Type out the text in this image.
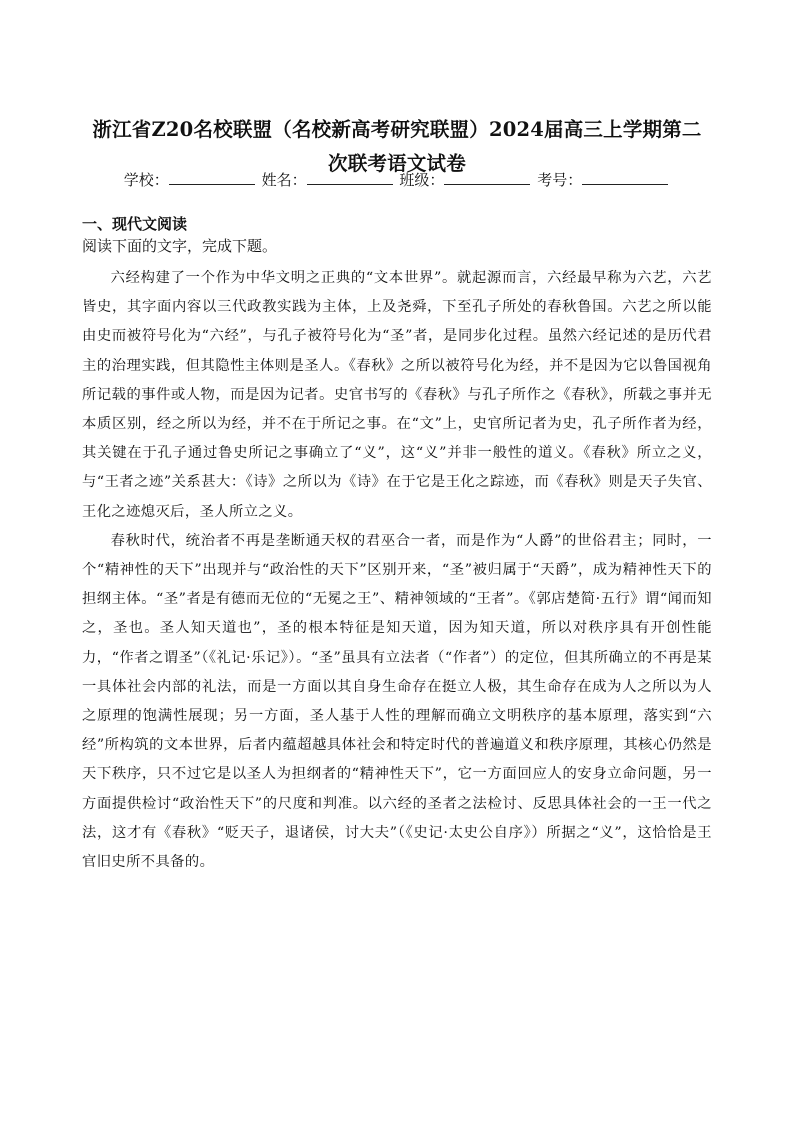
浙江省Z20名校联盟（名校新高考研究联盟）2024届高三上学期第二次联考语文试卷
学校：	姓名：	班级：	考号：
一、现代文阅读

阅读下面的文字，完成下题。

六经构建了一个作为中华文明之正典的“文本世界”。就起源而言，六经最早称为六艺，六艺皆史，其字面内容以三代政教实践为主体，上及尧舜，下至孔子所处的春秋鲁国。六艺之所以能由史而被符号化为“六经”，与孔子被符号化为“圣”者，是同步化过程。虽然六经记述的是历代君主的治理实践，但其隐性主体则是圣人。《春秋》之所以被符号化为经，并不是因为它以鲁国视角所记载的事件或人物，而是因为记者。史官书写的《春秋》与孔子所作之《春秋》，所载之事并无本质区别，经之所以为经，并不在于所记之事。在“文”上，史官所记者为史，孔子所作者为经，其关键在于孔子通过鲁史所记之事确立了“义”，这“义”并非一般性的道义。《春秋》所立之义，与“王者之迹”关系甚大：《诗》之所以为《诗》在于它是王化之踪迹，而《春秋》则是天子失官、王化之迹熄灭后，圣人所立之义。

春秋时代，统治者不再是垄断通天权的君巫合一者，而是作为“人爵”的世俗君主；同时，一个“精神性的天下”出现并与“政治性的天下”区别开来，“圣”被归属于“天爵”，成为精神性天下的担纲主体。“圣”者是有德而无位的“无冕之王”、精神领域的“王者”。《郭店楚简·五行》谓“闻而知之，圣也。圣人知天道也”，圣的根本特征是知天道，因为知天道，所以对秩序具有开创性能力，“作者之谓圣”（《礼记·乐记》）。“圣”虽具有立法者（“作者”）的定位，但其所确立的不再是某一具体社会内部的礼法，而是一方面以其自身生命存在挺立人极，其生命存在成为人之所以为人之原理的饱满性展现；另一方面，圣人基于人性的理解而确立文明秩序的基本原理，落实到“六经”所构筑的文本世界，后者内蕴超越具体社会和特定时代的普遍道义和秩序原理，其核心仍然是天下秩序，只不过它是以圣人为担纲者的“精神性天下”，它一方面回应人的安身立命问题，另一方面提供检讨“政治性天下”的尺度和判准。以六经的圣者之法检讨、反思具体社会的一王一代之法，这才有《春秋》“贬天子，退诸侯，讨大夫”（《史记·太史公自序》）所据之“义”，这恰恰是王官旧史所不具备的。
